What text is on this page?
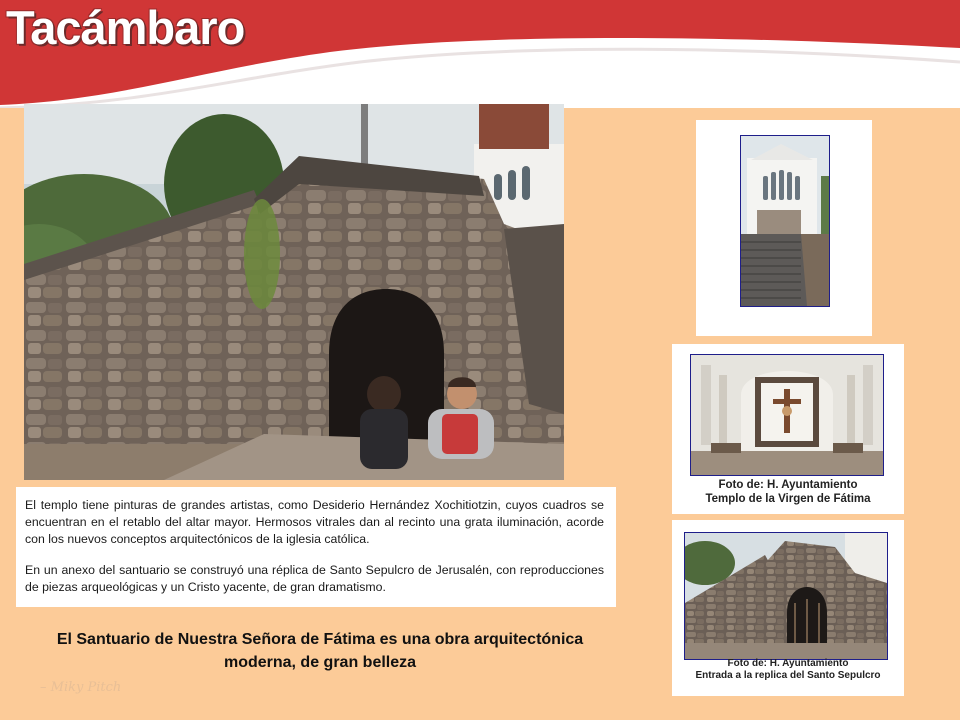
Tacámbaro

El templo tiene pinturas de grandes artistas, como Desiderio Hernández Xochitiotzin, cuyos cuadros se encuentran en el retablo del altar mayor. Hermosos vitrales dan al recinto una grata iluminación, acorde con los nuevos conceptos arquitectónicos de la iglesia católica.

En un anexo del santuario se construyó una réplica de Santo Sepulcro de Jerusalén, con reproducciones de piezas arqueológicas y un Cristo yacente, de gran dramatismo.

El Santuario de Nuestra Señora de Fátima es una obra arquitectónica moderna, de gran belleza
– Miky Pitch
Foto de: H. Ayuntamiento
Templo de la Virgen de Fátima
Foto de: H. Ayuntamiento
Entrada a la replica del Santo Sepulcro
